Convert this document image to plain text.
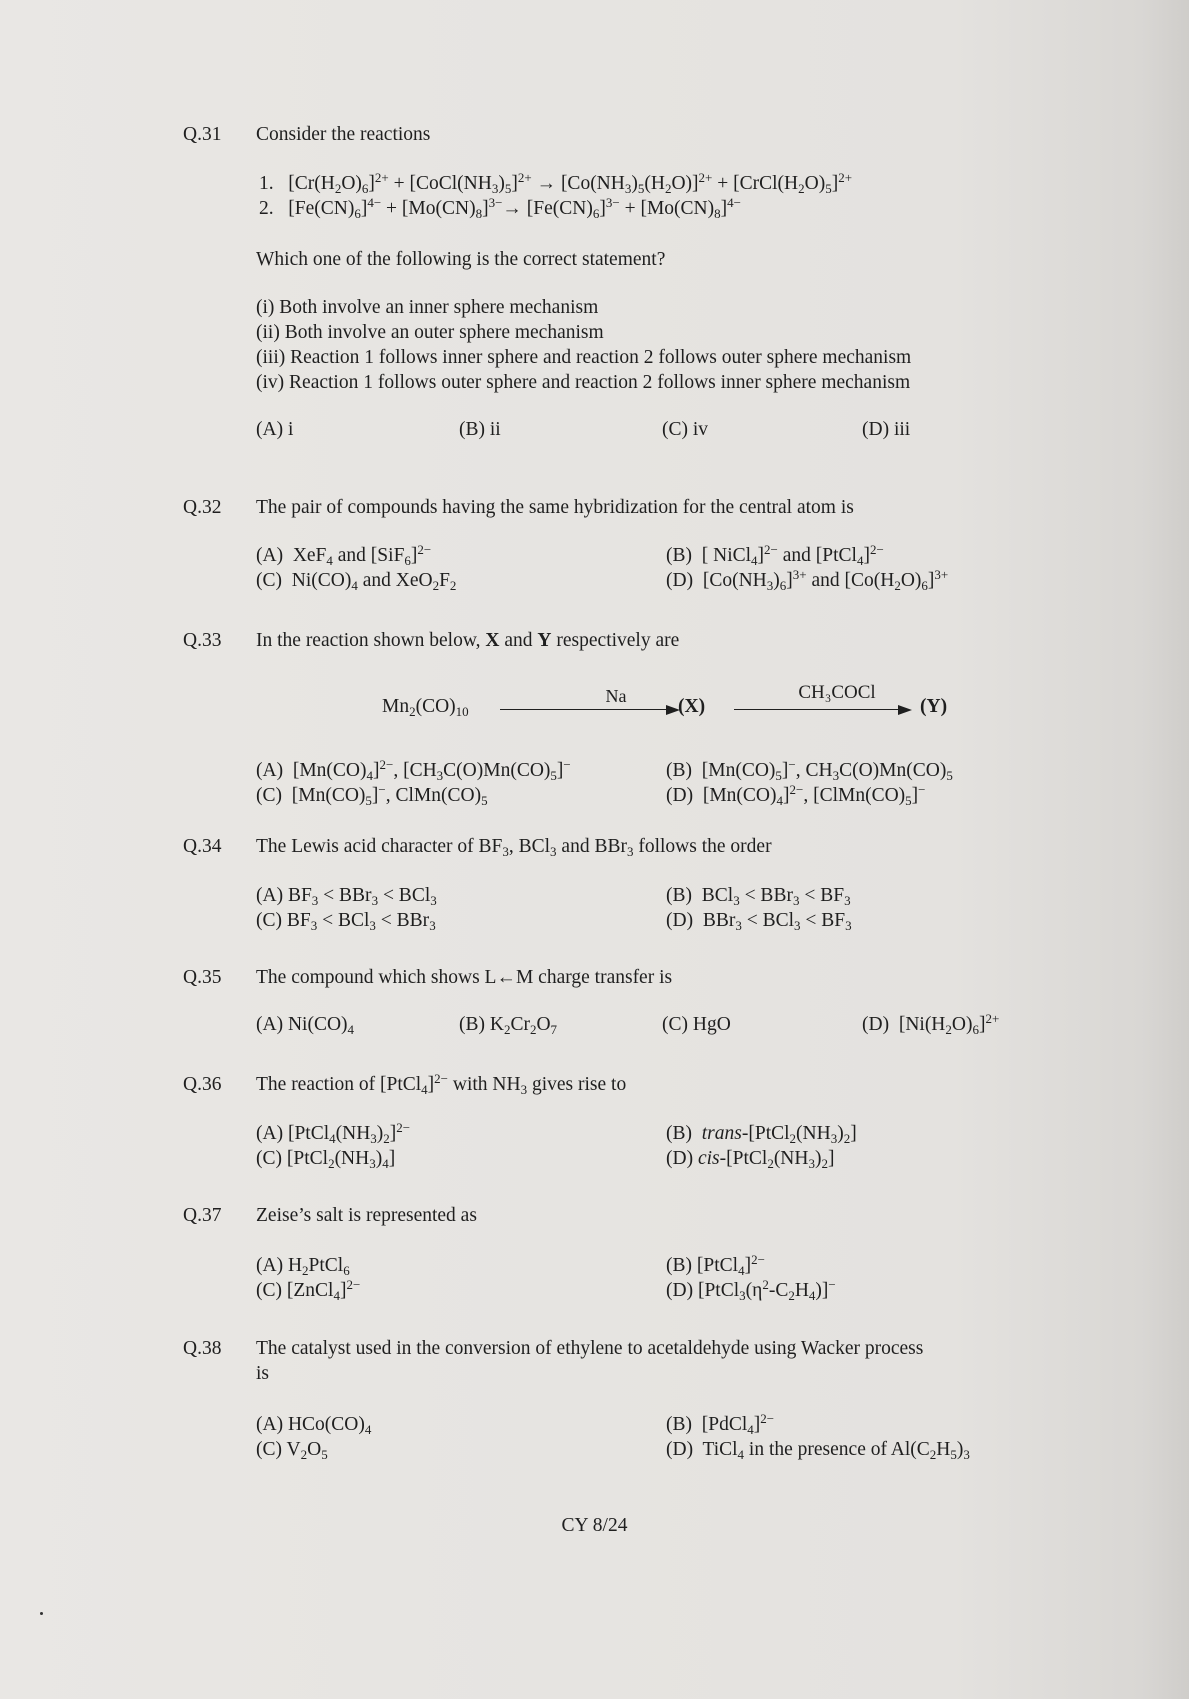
Q.31	Consider the reactions
1.   $[Cr(H_2O)_6]^{2+}$ + $[CoCl(NH_3)_5]^{2+} \to [Co(NH_3)_5(H_2O)]^{2+}$ + $[CrCl(H_2O)_5]^{2+}$
2.   $[Fe(CN)_6]^{4-} + [Mo(CN)_8]^{3-}\to [Fe(CN)_6]^{3-} + [Mo(CN)_8]^{4-}$
Which one of the following is the correct statement?
(i) Both involve an inner sphere mechanism
(ii) Both involve an outer sphere mechanism
(iii) Reaction 1 follows inner sphere and reaction 2 follows outer sphere mechanism
(iv) Reaction 1 follows outer sphere and reaction 2 follows inner sphere mechanism
(A) i	(B) ii	(C) iv	(D) iii
Q.32	The pair of compounds having the same hybridization for the central atom is
(A)  XeF$_4$ and $[SiF_6]^{2-}$	(B)  [ NiCl$_4$]$^{2-}$ and [PtCl$_4$]$^{2-}$
(C)  $Ni(CO)_4$ and $XeO_2F_2$	(D)  $[Co(NH_3)_6]^{3+}$ and $[Co(H_2O)_6]^{3+}$
Q.33	In the reaction shown below, X and Y respectively are
$Mn_2(CO)_{10}$
Na	(X)
CH₃COCl
(Y)
(A)  $[Mn(CO)_4]^{2-}$, $[CH_3C(O)Mn(CO)_5]^-$	(B)  $[Mn(CO)_5]^-$, $CH_3C(O)Mn(CO)_5$
(C)  $[Mn(CO)_5]^-$, $ClMn(CO)_5$	(D)  $[Mn(CO)_4]^{2-}$, $[ClMn(CO)_5]^-$
Q.34	The Lewis acid character of $BF_3$, BCl$_3$ and BBr$_3$ follows the order
(A) $BF_3 < BBr_3 < BCl_3$	(B)  $BCl_3 < BBr_3 < BF_3$
(C) $BF_3 < BCl_3 < BBr_3$	(D)  $BBr_3 < BCl_3 < BF_3$
Q.35	The compound which shows L←M charge transfer is
(A) $Ni(CO)_4$	(B) $K_2Cr_2O_7$	(C) HgO	(D)  $[Ni(H_2O)_6]^{2+}$
Q.36	The reaction of [PtCl$_4$]$^{2-}$ with $NH_3$ gives rise to
(A) $[PtCl_4(NH_3)_2]^{2-}$	(B)  trans-$[PtCl_2(NH_3)_2]$
(C) $[PtCl_2(NH_3)_4]$	(D) cis-$[PtCl_2(NH_3)_2]$
Q.37	Zeise’s salt is represented as
(A) $H_2PtCl_6$	(B) [PtCl$_4$]$^{2-}$
(C) [ZnCl$_4$]$^{2-}$	(D) $[PtCl_3(\eta^2-C_2H_4)]^-$
Q.38	The catalyst used in the conversion of ethylene to acetaldehyde using Wacker process
is
(A) $HCo(CO)_4$	(B)  [PdCl$_4$]$^{2-}$
(C) $V_2O_5$	(D)  TiCl$_4$ in the presence of $Al(C_2H_5)_3$
CY 8/24
